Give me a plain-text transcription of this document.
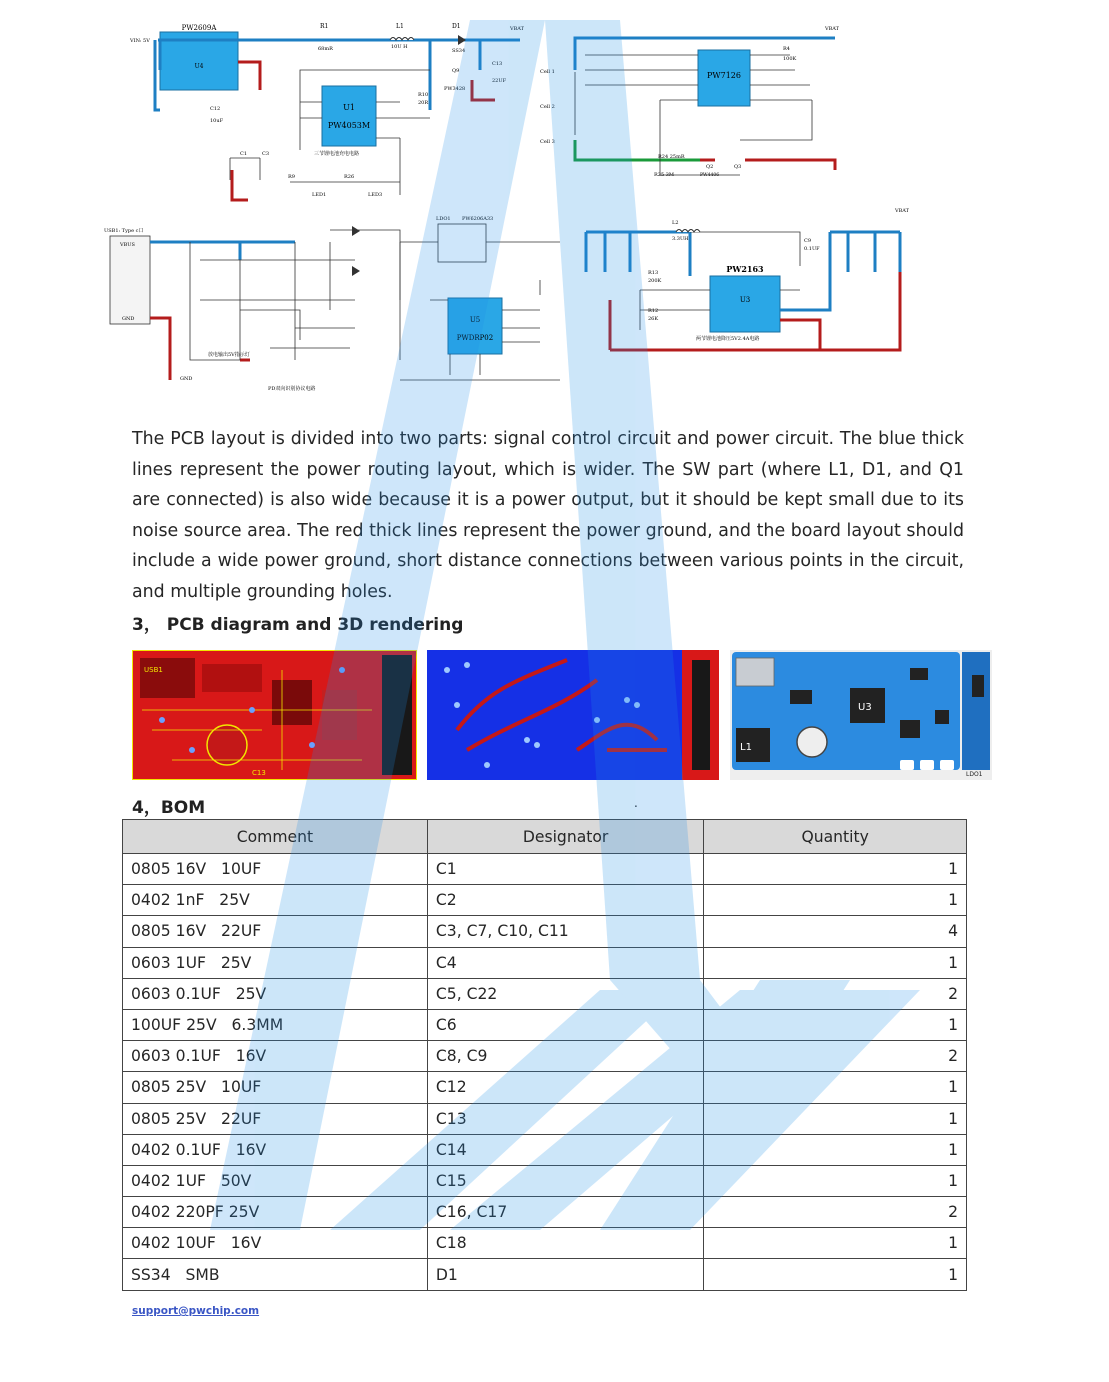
PW2609A
U4
U1
PW4053M
R1
68mR
L1
10U H
D1
SS34
VBAT
VIN: 5V
C12
10uF
C1	C3
C13
22UF
Q9
PW3428
R10
20R
R9	R26
LED1	LED3
三节锂电池充电电路
PW7126
Cell 1
Cell 2
Cell 3
Q2	Q3
PW4406
R24 25mR
R25 3M
R4
100K
VBAT
USB1: Type c口
VBUS
GND
GND
放电输出5V指示灯
PD双向识别协议电路
LDO1 PW6206A33
U5
PWDRP02
PW2163
U3
L2
3.3UH
R13
200K
R12
26K
C9
0.1UF
两节锂电池降压5V2.4A电路
VBAT

The PCB layout is divided into two parts: signal control circuit and power circuit. The blue thick lines represent the power routing layout, which is wider. The SW part (where L1, D1, and Q1 are connected) is also wide because it is a power output, but it should be kept small due to its noise source area. The red thick lines represent the power ground, and the board layout should include a wide power ground, short distance connections between various points in the circuit, and multiple grounding holes.

3， PCB diagram and 3D rendering
USB1
C13
U3
L1
LDO1
4，BOM	.
Comment	Designator	Quantity
0805 16V   10UF	C1	1
0402 1nF   25V	C2	1
0805 16V   22UF	C3, C7, C10, C11	4
0603 1UF   25V	C4	1
0603 0.1UF   25V	C5, C22	2
100UF 25V   6.3MM	C6	1
0603 0.1UF   16V	C8, C9	2
0805 25V   10UF	C12	1
0805 25V   22UF	C13	1
0402 0.1UF   16V	C14	1
0402 1UF   50V	C15	1
0402 220PF 25V	C16, C17	2
0402 10UF   16V	C18	1
SS34   SMB	D1	1
support@pwchip.com
